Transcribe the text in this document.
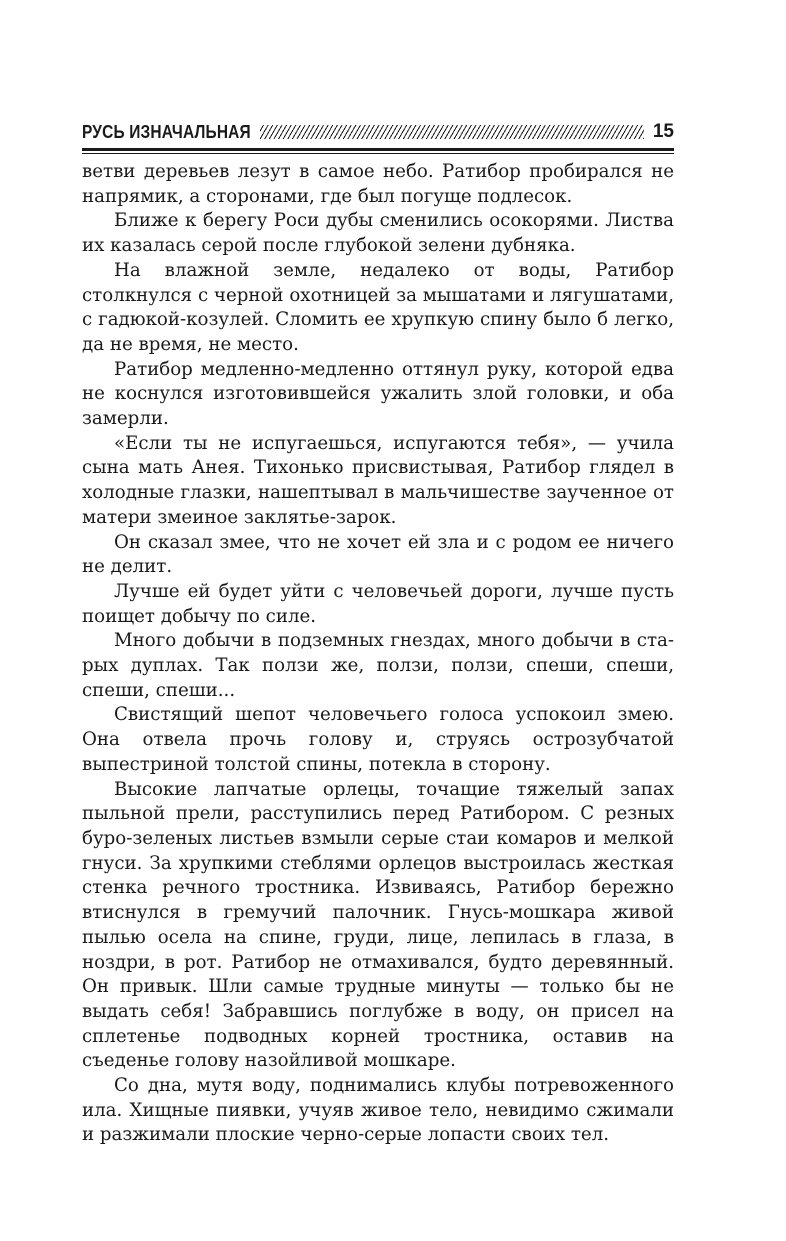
РУСЬ ИЗНАЧАЛЬНАЯ	15

ветви деревьев лезут в самое небо. Ратибор пробирался не напрямик, а сторонами, где был погуще подлесок.

Ближе к берегу Роси дубы сменились осокорями. Листва их казалась серой после глубокой зелени дубняка.

На влажной земле, недалеко от воды, Ратибор столкнулся с черной охотницей за мышатами и лягушатами, с гадюкой-козулей. Сломить ее хрупкую спину было б легко, да не время, не место.

Ратибор медленно-медленно оттянул руку, которой едва не коснулся изготовившейся ужалить злой головки, и оба замерли.

«Если ты не испугаешься, испугаются тебя», — учила сына мать Анея. Тихонько присвистывая, Ратибор глядел в холодные глазки, нашептывал в мальчишестве заученное от матери змеиное заклятье-зарок.

Он сказал змее, что не хочет ей зла и с родом ее ничего не делит.

Лучше ей будет уйти с человечьей дороги, лучше пусть поищет добычу по силе.

Много добычи в подземных гнездах, много добычи в старых дуплах. Так ползи же, ползи, ползи, спеши, спеши, спеши, спеши...

Свистящий шепот человечьего голоса успокоил змею. Она отвела прочь голову и, струясь острозубчатой выпестриной толстой спины, потекла в сторону.

Высокие лапчатые орлецы, точащие тяжелый запах пыльной прели, расступились перед Ратибором. С резных буро-зеленых листьев взмыли серые стаи комаров и мелкой гнуси. За хрупкими стеблями орлецов выстроилась жесткая стенка речного тростника. Извиваясь, Ратибор бережно втиснулся в гремучий палочник. Гнусь-мошкара живой пылью осела на спине, груди, лице, лепилась в глаза, в ноздри, в рот. Ратибор не отмахивался, будто деревянный. Он привык. Шли самые трудные минуты — только бы не выдать себя! Забравшись поглубже в воду, он присел на сплетенье подводных корней тростника, оставив на съеденье голову назойливой мошкаре.

Со дна, мутя воду, поднимались клубы потревоженного ила. Хищные пиявки, учуяв живое тело, невидимо сжимали и разжимали плоские черно-серые лопасти своих тел.
